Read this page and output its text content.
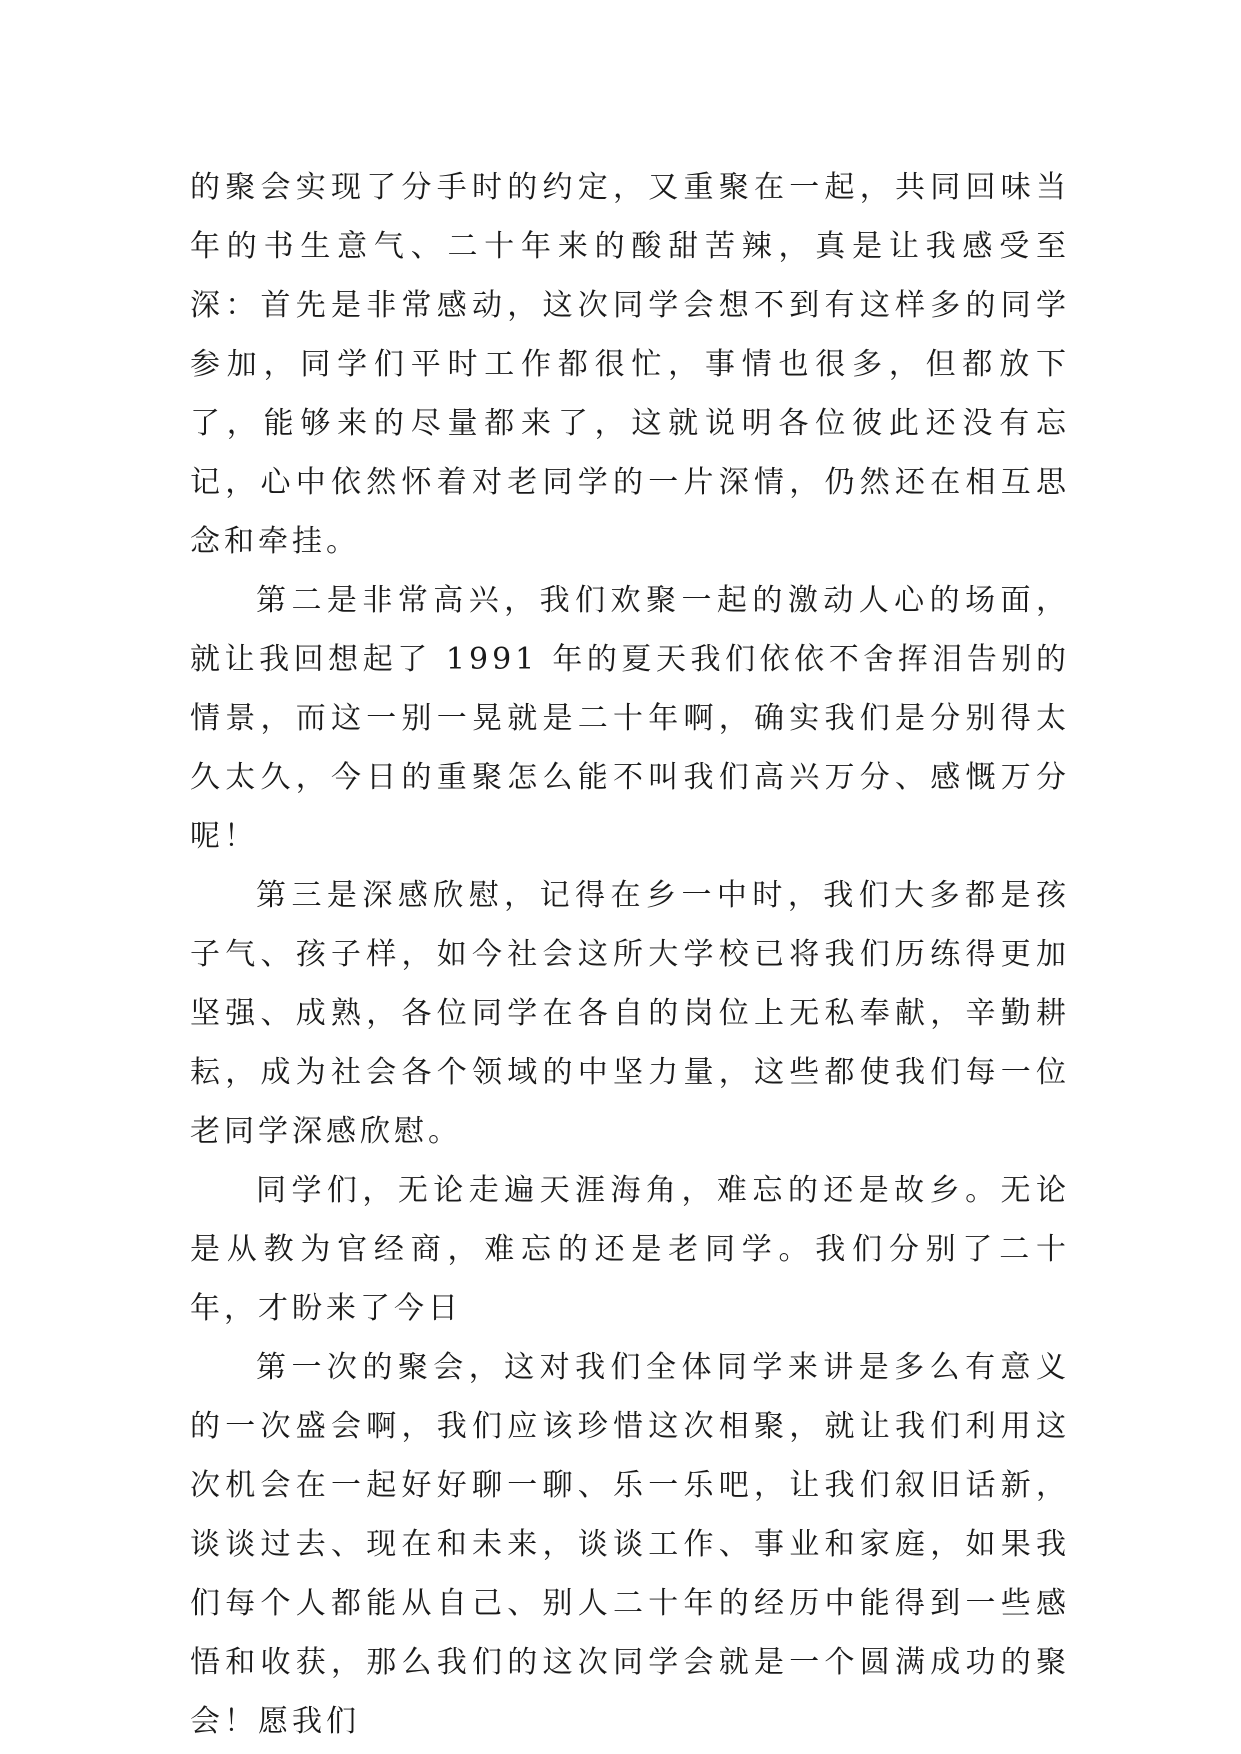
的聚会实现了分手时的约定，又重聚在一起，共同回味当年的书生意气、二十年来的酸甜苦辣，真是让我感受至深：首先是非常感动，这次同学会想不到有这样多的同学参加，同学们平时工作都很忙，事情也很多，但都放下了，能够来的尽量都来了，这就说明各位彼此还没有忘记，心中依然怀着对老同学的一片深情，仍然还在相互思念和牵挂。

第二是非常高兴，我们欢聚一起的激动人心的场面，就让我回想起了 1991 年的夏天我们依依不舍挥泪告别的情景，而这一别一晃就是二十年啊，确实我们是分别得太久太久，今日的重聚怎么能不叫我们高兴万分、感慨万分呢！

第三是深感欣慰，记得在乡一中时，我们大多都是孩子气、孩子样，如今社会这所大学校已将我们历练得更加坚强、成熟，各位同学在各自的岗位上无私奉献，辛勤耕耘，成为社会各个领域的中坚力量，这些都使我们每一位老同学深感欣慰。

同学们，无论走遍天涯海角，难忘的还是故乡。无论是从教为官经商，难忘的还是老同学。我们分别了二十年，才盼来了今日

第一次的聚会，这对我们全体同学来讲是多么有意义的一次盛会啊，我们应该珍惜这次相聚，就让我们利用这次机会在一起好好聊一聊、乐一乐吧，让我们叙旧话新，谈谈过去、现在和未来，谈谈工作、事业和家庭，如果我们每个人都能从自己、别人二十年的经历中能得到一些感悟和收获，那么我们的这次同学会就是一个圆满成功的聚会！愿我们
